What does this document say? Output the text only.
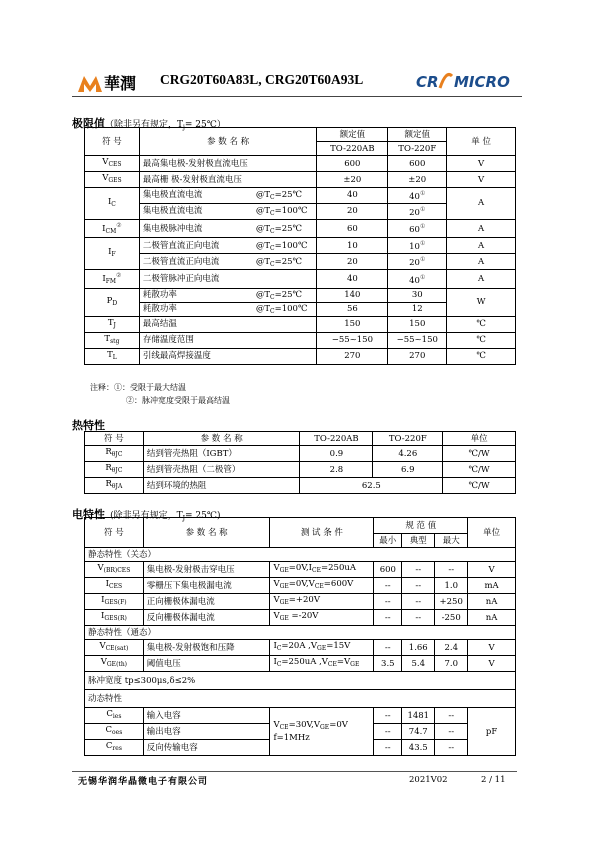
華潤 CRG20T60A83L, CRG20T60A93L	CR MICRO
极限值（除非另有规定，$T_j=$ 25℃）
符 号	参 数 名 称	额定值	额定值	单 位
		TO-220AB	TO-220F	
$V_{CES}$	最高集电极-发射极直流电压	600	600	V
$V_{GES}$	最高栅 极-发射极直流电压	±20	±20	V
$I_C$	集电极直流电流 $@T_C=25℃$	40	40①	A
	集电极直流电流 $@T_C=100℃$	20	20①
$I_{CM}^②$	集电极脉冲电流 $@T_C=25℃$	60	60①	A
$I_F$	二极管直流正向电流 $@T_C=100℃$	10	10①	A
	二极管直流正向电流 $@T_C=25℃$	20	20①	A
$I_{FM}^②$	二极管脉冲正向电流	40	40①	A
$P_D$	耗散功率 $@T_C=25℃$	140	30	W
	耗散功率 $@T_C=100℃$	56	12	
$T_J$	最高结温	150	150	℃
$T_{stg}$	存储温度范围	−55~150	−55~150	℃
$T_L$	引线最高焊接温度	270	270	℃
注释：①：受限于最大结温
②：脉冲宽度受限于最高结温
热特性
符 号	参 数 名 称	TO-220AB	TO-220F	单位
$R_{\theta JC}$	结到管壳热阻（IGBT）	0.9	4.26	℃/W
$R_{\theta JC}$	结到管壳热阻（二极管）	2.8	6.9	℃/W
$R_{\theta JA}$	结到环境的热阻	62.5		℃/W
电特性 (除非另有规定，$T_J=$ 25℃)
符 号	参 数 名 称	测 试 条 件	规 范 值			单位
			最小	典型	最大	
静态特性（关态）						
$V_{(BR)CES}$	集电极-发射极击穿电压	$V_{GE}=0V,I_{CE}=250uA$	600	--	--	V
$I_{CES}$	零栅压下集电极漏电流	$V_{GE}=0V,V_{CE}=600V$	--	--	1.0	mA
$I_{GES(F)}$	正向栅极体漏电流	$V_{GE}=+20V$	--	--	+250	nA
$I_{GES(R)}$	反向栅极体漏电流	$V_{GE} =-20V$	--	--	-250	nA
静态特性（通态）						
$V_{CE(sat)}$	集电极-发射极饱和压降	$I_C=20A$ $,V_{GE}=15V$	--	1.66	2.4	V
$V_{GE(th)}$	阈值电压	$I_C=250uA$ $,V_{CE}=V_{GE}$	3.5	5.4	7.0	V
脉冲宽度 tp≤300μs,δ≤2%						
动态特性						
$C_{ies}$	输入电容	$V_{CE}=30V,V_{GE}=0V$
f=1MHz	--	1481	--	pF
$C_{oes}$	输出电容		--	74.7	--	
$C_{res}$	反向传输电容		--	43.5	--	
无锡华润华晶微电子有限公司	2021V02	2 / 11
